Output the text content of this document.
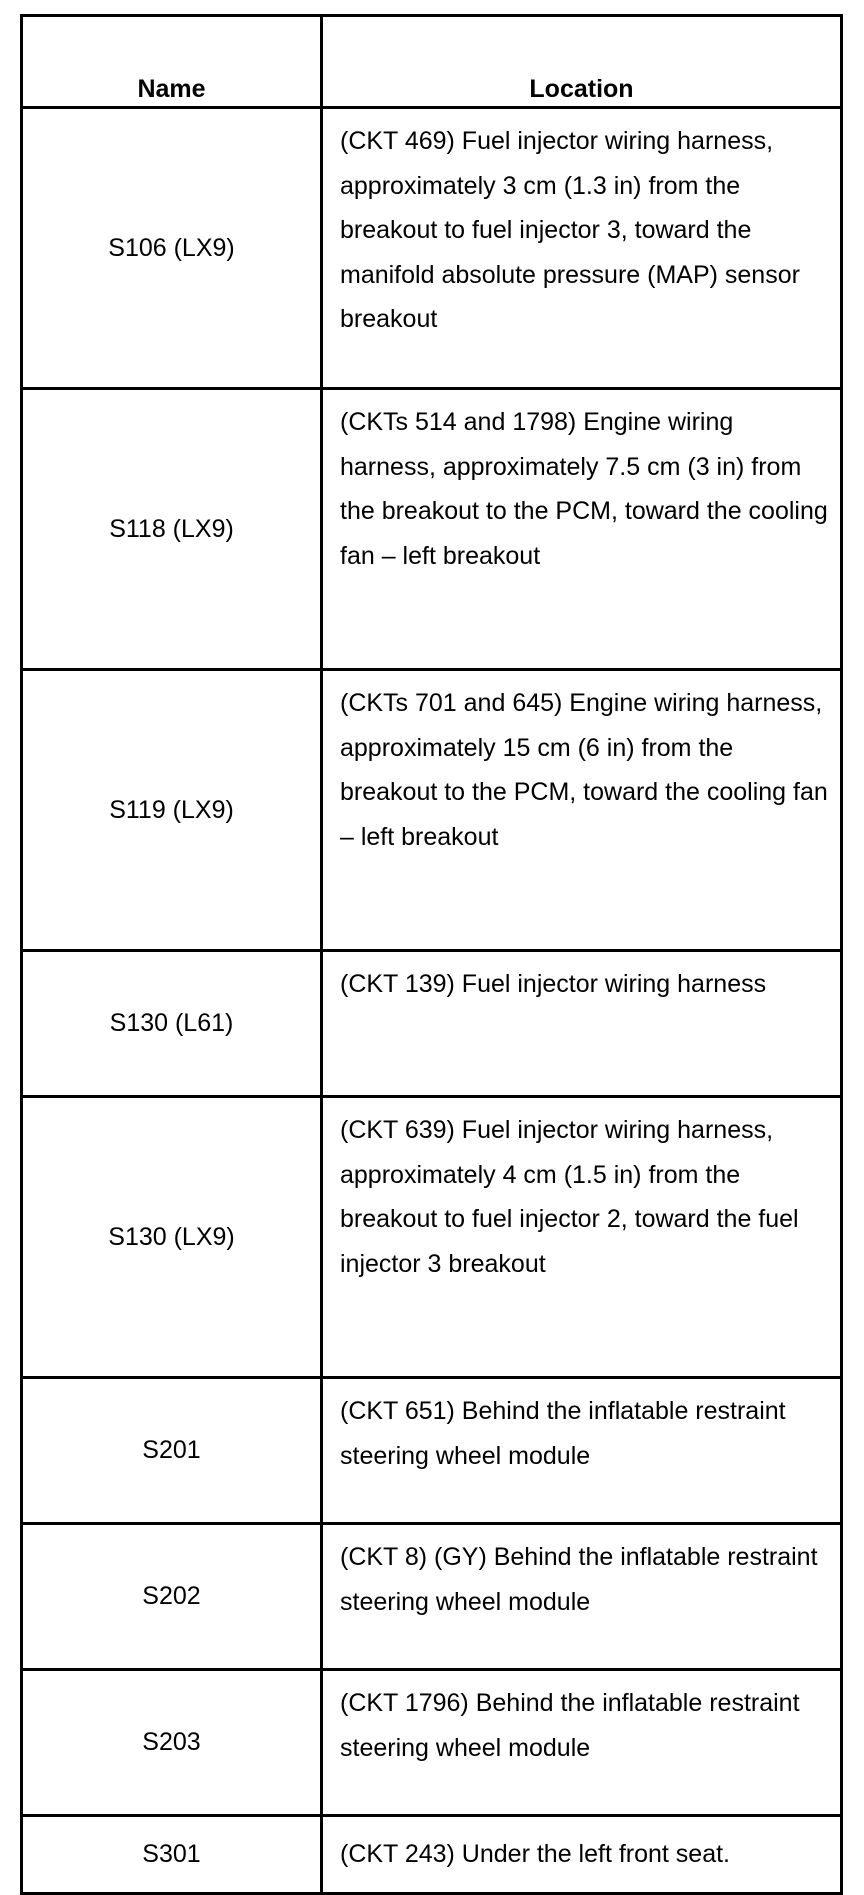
Name	Location
S106 (LX9)	(CKT 469) Fuel injector wiring harness, approximately 3 cm (1.3 in) from the breakout to fuel injector 3, toward the manifold absolute pressure (MAP) sensor breakout
S118 (LX9)	(CKTs 514 and 1798) Engine wiring harness, approximately 7.5 cm (3 in) from the breakout to the PCM, toward the cooling fan – left breakout
S119 (LX9)	(CKTs 701 and 645) Engine wiring harness, approximately 15 cm (6 in) from the breakout to the PCM, toward the cooling fan – left breakout
S130 (L61)	(CKT 139) Fuel injector wiring harness
S130 (LX9)	(CKT 639) Fuel injector wiring harness, approximately 4 cm (1.5 in) from the breakout to fuel injector 2, toward the fuel injector 3 breakout
S201	(CKT 651) Behind the inflatable restraint steering wheel module
S202	(CKT 8) (GY) Behind the inflatable restraint steering wheel module
S203	(CKT 1796) Behind the inflatable restraint steering wheel module
S301	(CKT 243) Under the left front seat.
